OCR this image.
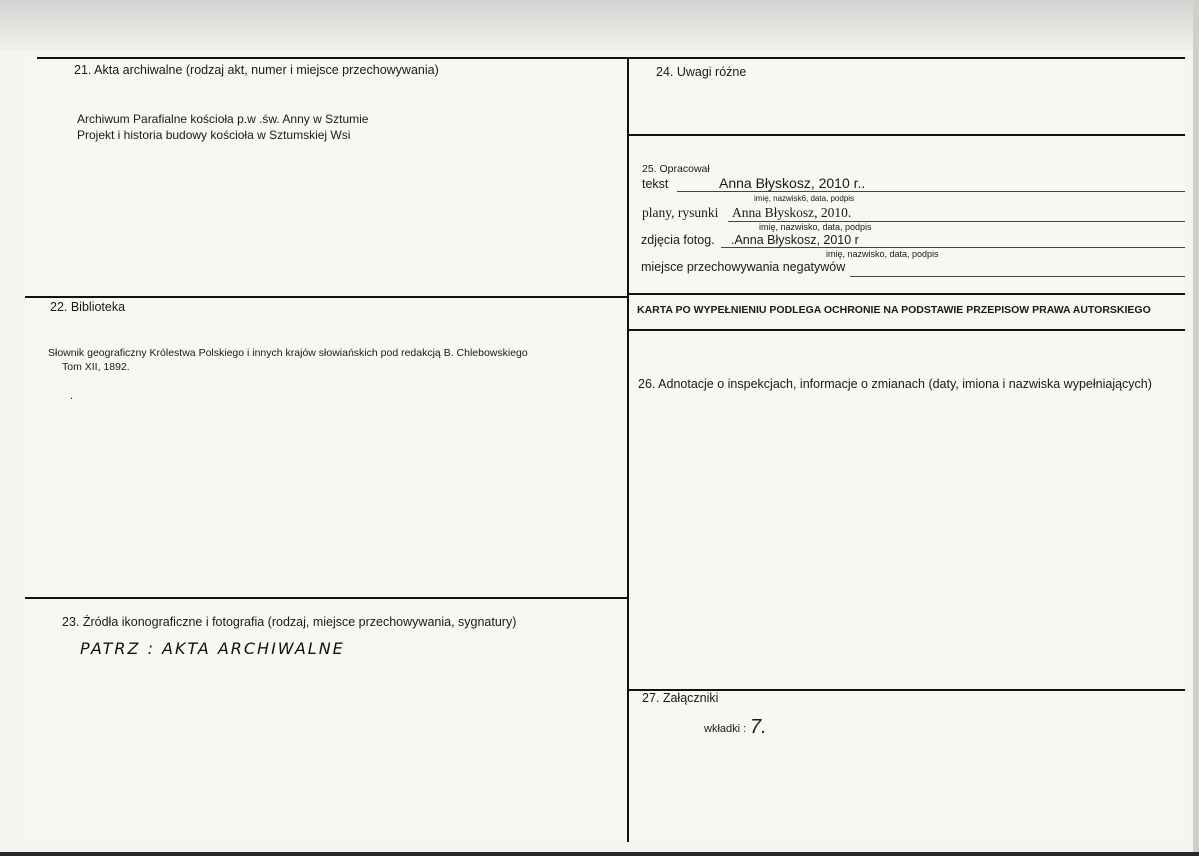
21. Akta archiwalne (rodzaj akt, numer i miejsce przechowywania)
Archiwum Parafialne kościoła p.w .św. Anny w Sztumie
Projekt i historia budowy kościoła w Sztumskiej Wsi
22. Biblioteka
Słownik geograficzny Królestwa Polskiego i innych krajów słowiańskich pod redakcją B. Chlebowskiego
Tom XII, 1892.
.
23. Źródła ikonograficzne i fotografia (rodzaj, miejsce przechowywania, sygnatury)
PATRZ : AKTA ARCHIWALNE
24. Uwagi różne
25. Opracował
tekst	Anna Błyskosz, 2010 r..
imię, nazwisk6, data, podpis
plany, rysunki Anna Błyskosz, 2010.
imię, nazwisko, data, podpis
zdjęcia fotog. .Anna Błyskosz, 2010 r
imię, nazwisko, data, podpis
miejsce przechowywania negatywów
KARTA PO WYPEŁNIENIU PODLEGA OCHRONIE NA PODSTAWIE PRZEPISÓW PRAWA AUTORSKIEGO
26. Adnotacje o inspekcjach, informacje o zmianach (daty, imiona i nazwiska wypełniających)
27. Załączniki
wkładki : 7.
